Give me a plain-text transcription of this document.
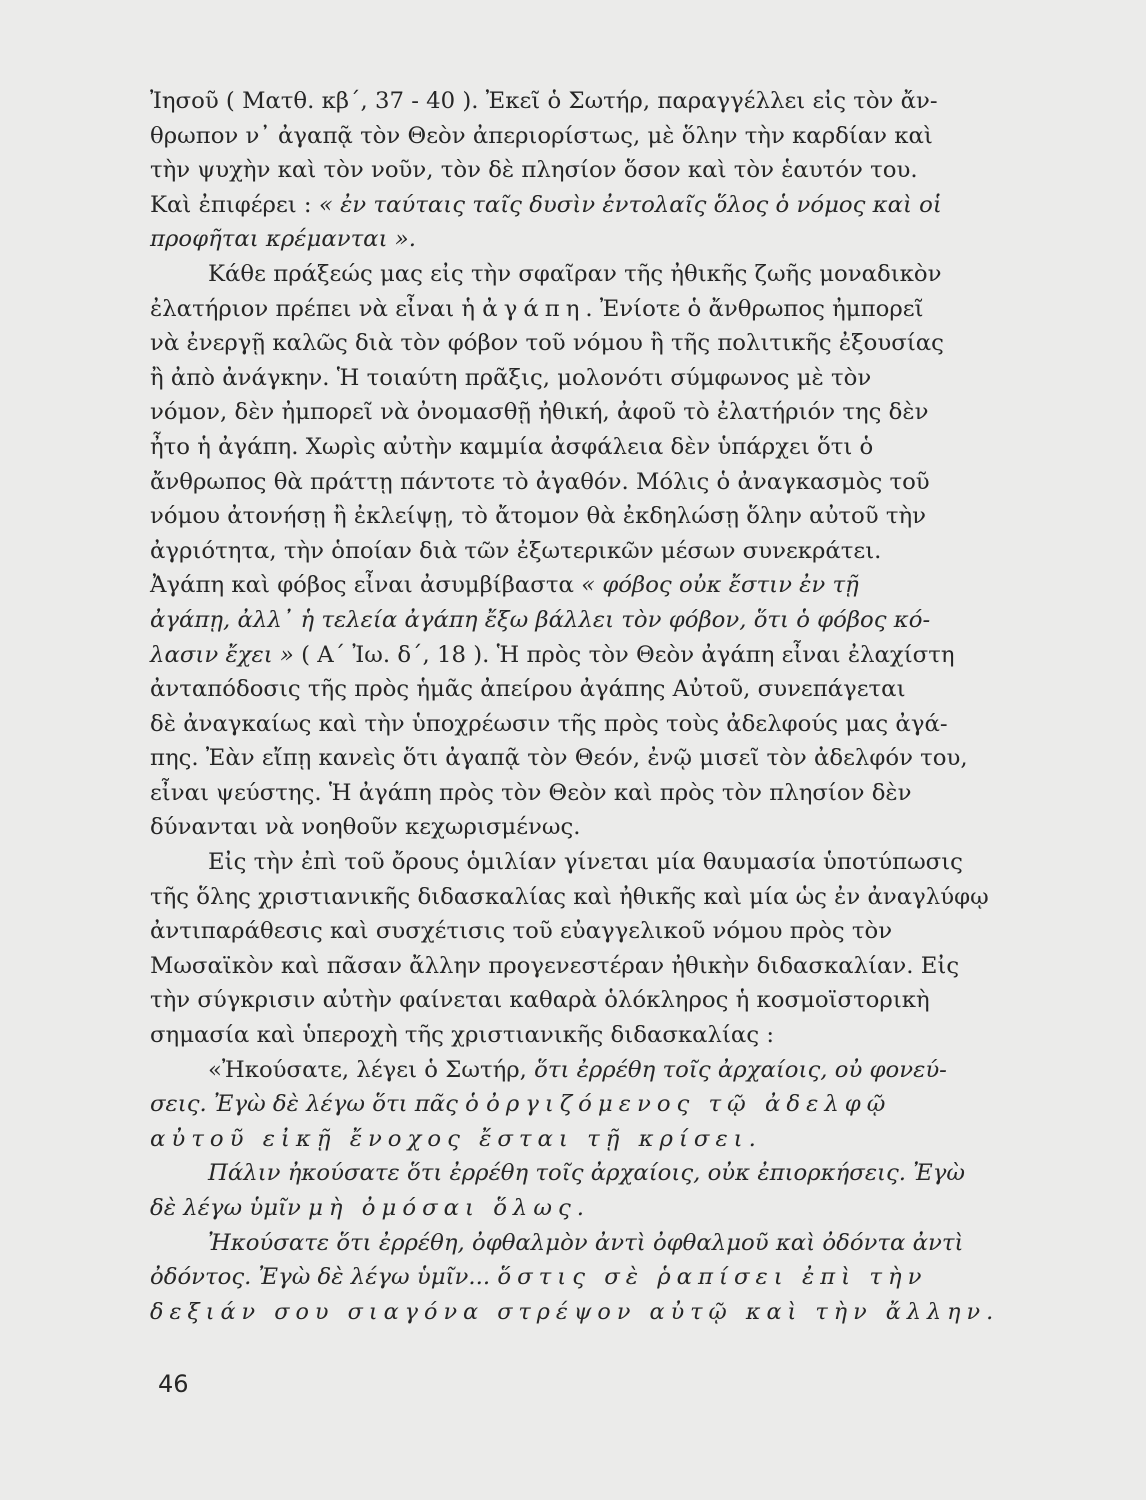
Ἰησοῦ ( Ματθ. κβ΄, 37 - 40 ). Ἐκεῖ ὁ Σωτήρ, παραγγέλλει εἰς τὸν ἄν-
θρωπον ν᾽ ἀγαπᾷ τὸν Θεὸν ἀπεριορίστως, μὲ ὅλην τὴν καρδίαν καὶ
τὴν ψυχὴν καὶ τὸν νοῦν, τὸν δὲ πλησίον ὅσον καὶ τὸν ἑαυτόν του.
Καὶ ἐπιφέρει : « ἐν ταύταις ταῖς δυσὶν ἐντολαῖς ὅλος ὁ νόμος καὶ οἱ
προφῆται κρέμανται ».
Κάθε πράξεώς μας εἰς τὴν σφαῖραν τῆς ἠθικῆς ζωῆς μοναδικὸν
ἐλατήριον πρέπει νὰ εἶναι ἡ ἀγάπη. Ἐνίοτε ὁ ἄνθρωπος ἠμπορεῖ
νὰ ἐνεργῇ καλῶς διὰ τὸν φόβον τοῦ νόμου ἢ τῆς πολιτικῆς ἐξουσίας
ἢ ἀπὸ ἀνάγκην. Ἡ τοιαύτη πρᾶξις, μολονότι σύμφωνος μὲ τὸν
νόμον, δὲν ἠμπορεῖ νὰ ὀνομασθῇ ἠθική, ἀφοῦ τὸ ἐλατήριόν της δὲν
ἦτο ἡ ἀγάπη. Χωρὶς αὐτὴν καμμία ἀσφάλεια δὲν ὑπάρχει ὅτι ὁ
ἄνθρωπος θὰ πράττῃ πάντοτε τὸ ἀγαθόν. Μόλις ὁ ἀναγκασμὸς τοῦ
νόμου ἀτονήσῃ ἢ ἐκλείψῃ, τὸ ἄτομον θὰ ἐκδηλώσῃ ὅλην αὐτοῦ τὴν
ἀγριότητα, τὴν ὁποίαν διὰ τῶν ἐξωτερικῶν μέσων συνεκράτει.
Ἀγάπη καὶ φόβος εἶναι ἀσυμβίβαστα « φόβος οὐκ ἔστιν ἐν τῇ
ἀγάπῃ, ἀλλ᾽ ἡ τελεία ἀγάπη ἔξω βάλλει τὸν φόβον, ὅτι ὁ φόβος κό-
λασιν ἔχει » ( Α΄ Ἰω. δ΄, 18 ). Ἡ πρὸς τὸν Θεὸν ἀγάπη εἶναι ἐλαχίστη
ἀνταπόδοσις τῆς πρὸς ἡμᾶς ἀπείρου ἀγάπης Αὐτοῦ, συνεπάγεται
δὲ ἀναγκαίως καὶ τὴν ὑποχρέωσιν τῆς πρὸς τοὺς ἀδελφούς μας ἀγά-
πης. Ἐὰν εἴπῃ κανεὶς ὅτι ἀγαπᾷ τὸν Θεόν, ἐνῷ μισεῖ τὸν ἀδελφόν του,
εἶναι ψεύστης. Ἡ ἀγάπη πρὸς τὸν Θεὸν καὶ πρὸς τὸν πλησίον δὲν
δύνανται νὰ νοηθοῦν κεχωρισμένως.
Εἰς τὴν ἐπὶ τοῦ ὄρους ὁμιλίαν γίνεται μία θαυμασία ὑποτύπωσις
τῆς ὅλης χριστιανικῆς διδασκαλίας καὶ ἠθικῆς καὶ μία ὡς ἐν ἀναγλύφῳ
ἀντιπαράθεσις καὶ συσχέτισις τοῦ εὐαγγελικοῦ νόμου πρὸς τὸν
Μωσαϊκὸν καὶ πᾶσαν ἄλλην προγενεστέραν ἠθικὴν διδασκαλίαν. Εἰς
τὴν σύγκρισιν αὐτὴν φαίνεται καθαρὰ ὁλόκληρος ἡ κοσμοϊστορικὴ
σημασία καὶ ὑπεροχὴ τῆς χριστιανικῆς διδασκαλίας :
«Ἠκούσατε, λέγει ὁ Σωτήρ, ὅτι ἐρρέθη τοῖς ἀρχαίοις, οὐ φονεύ-
σεις. Ἐγὼ δὲ λέγω ὅτι πᾶς ὁ ὀργιζόμενος τῷ ἀδελφῷ
αὐτοῦ εἰκῇ ἔνοχος ἔσται τῇ κρίσει.
Πάλιν ἠκούσατε ὅτι ἐρρέθη τοῖς ἀρχαίοις, οὐκ ἐπιορκήσεις. Ἐγὼ
δὲ λέγω ὑμῖν μὴ ὀμόσαι ὅλως.
Ἠκούσατε ὅτι ἐρρέθη, ὀφθαλμὸν ἀντὶ ὀφθαλμοῦ καὶ ὀδόντα ἀντὶ
ὀδόντος. Ἐγὼ δὲ λέγω ὑμῖν... ὅστις σὲ ῥαπίσει ἐπὶ τὴν
δεξιάν σου σιαγόνα στρέψον αὐτῷ καὶ τὴν ἄλλην.
46
